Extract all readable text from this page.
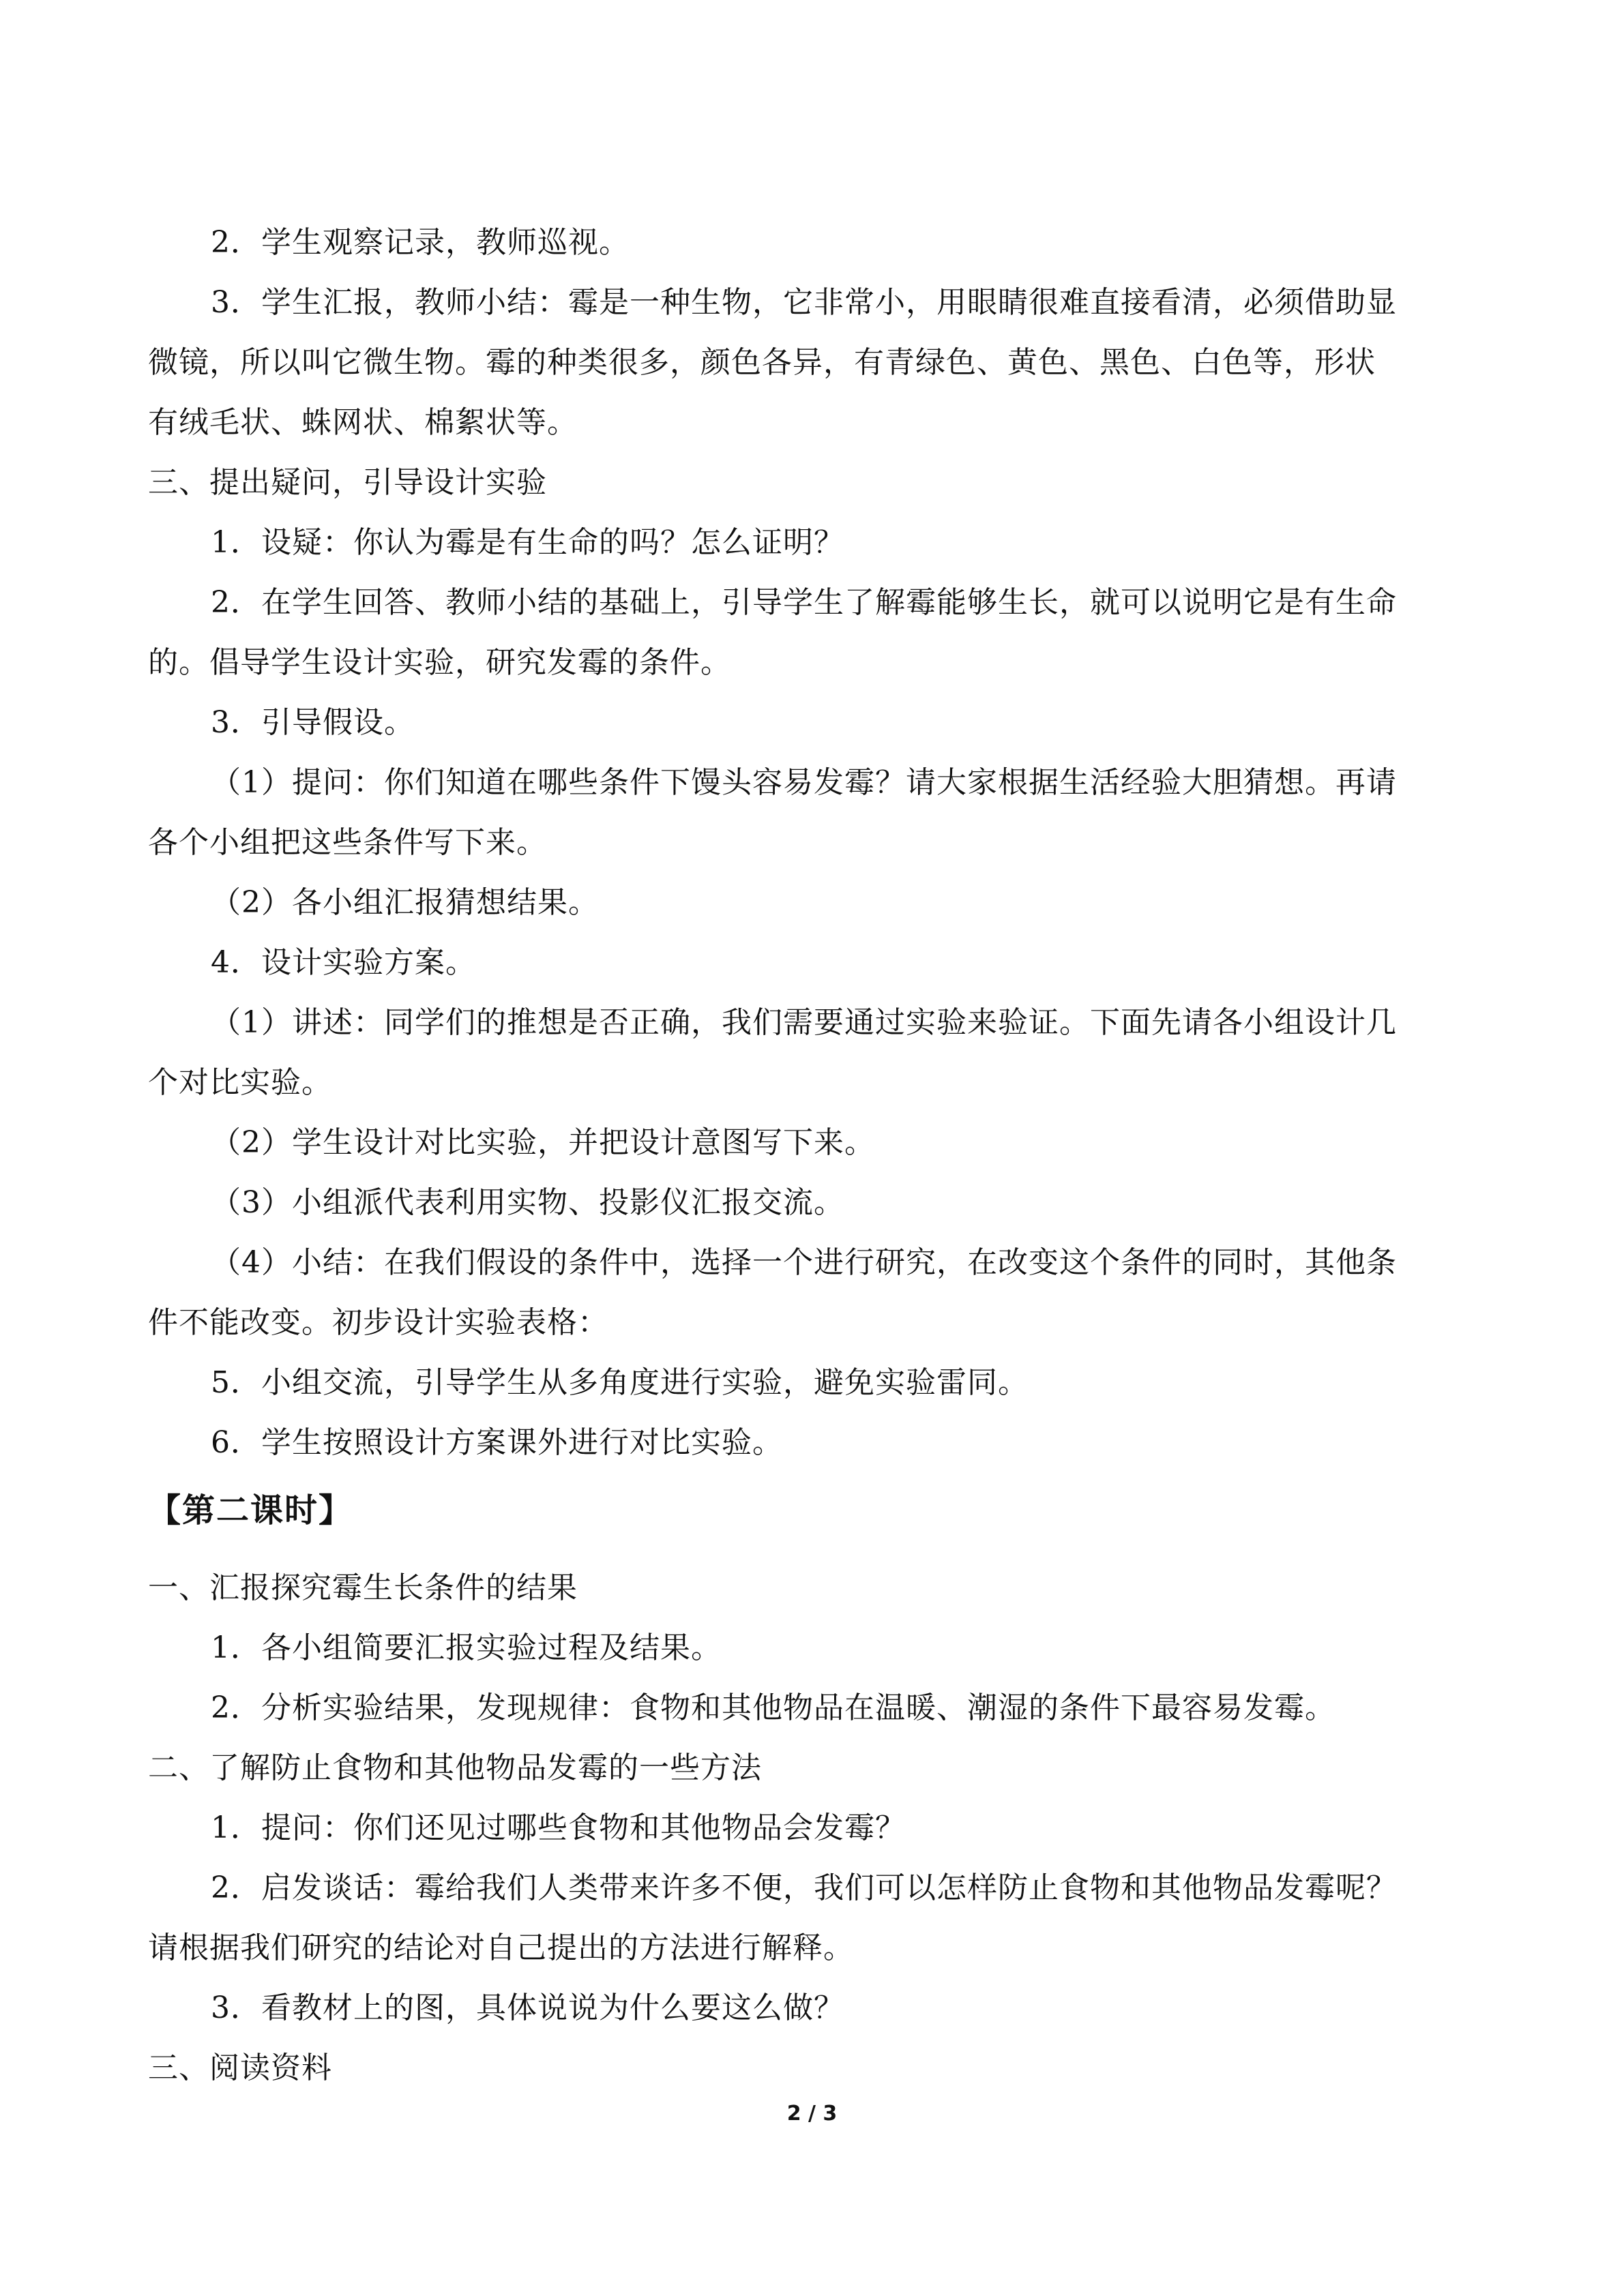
2．学生观察记录，教师巡视。
3．学生汇报，教师小结：霉是一种生物，它非常小，用眼睛很难直接看清，必须借助显
微镜，所以叫它微生物。霉的种类很多，颜色各异，有青绿色、黄色、黑色、白色等，形状
有绒毛状、蛛网状、棉絮状等。
三、提出疑问，引导设计实验
1．设疑：你认为霉是有生命的吗？怎么证明？
2．在学生回答、教师小结的基础上，引导学生了解霉能够生长，就可以说明它是有生命
的。倡导学生设计实验，研究发霉的条件。
3．引导假设。
（1）提问：你们知道在哪些条件下馒头容易发霉？请大家根据生活经验大胆猜想。再请
各个小组把这些条件写下来。
（2）各小组汇报猜想结果。
4．设计实验方案。
（1）讲述：同学们的推想是否正确，我们需要通过实验来验证。下面先请各小组设计几
个对比实验。
（2）学生设计对比实验，并把设计意图写下来。
（3）小组派代表利用实物、投影仪汇报交流。
（4）小结：在我们假设的条件中，选择一个进行研究，在改变这个条件的同时，其他条
件不能改变。初步设计实验表格：
5．小组交流，引导学生从多角度进行实验，避免实验雷同。
6．学生按照设计方案课外进行对比实验。
【第二课时】
一、汇报探究霉生长条件的结果
1．各小组简要汇报实验过程及结果。
2．分析实验结果，发现规律：食物和其他物品在温暖、潮湿的条件下最容易发霉。
二、了解防止食物和其他物品发霉的一些方法
1．提问：你们还见过哪些食物和其他物品会发霉？
2．启发谈话：霉给我们人类带来许多不便，我们可以怎样防止食物和其他物品发霉呢？
请根据我们研究的结论对自己提出的方法进行解释。
3．看教材上的图，具体说说为什么要这么做？
三、阅读资料
2 / 3
